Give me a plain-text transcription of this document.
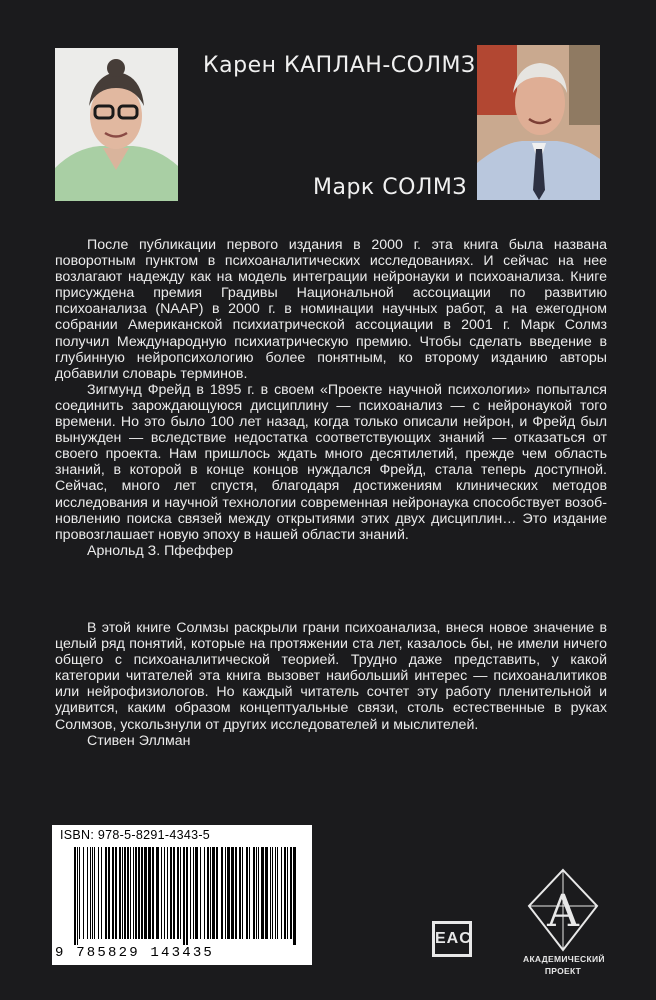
Карен КАПЛАН-СОЛМЗ
Марк СОЛМЗ

После публикации первого издания в 2000 г. эта книга была названа поворотным пунктом в психоаналитических исследованиях. И сейчас на нее возлагают надежду как на модель интеграции нейронауки и психоанализа. Книге присуждена премия Градивы Национальной ассоциации по развитию психоанализа (NAAP) в 2000 г. в номинации научных работ, а на ежегодном собрании Американской психиатрической ассоциации в 2001 г. Марк Солмз получил Международную психиатрическую премию. Чтобы сделать введение в глубинную нейропсихологию более понятным, ко второму изданию авторы добавили словарь терминов.

Зигмунд Фрейд в 1895 г. в своем «Проекте научной психологии» попытался соединить зарождающуюся дисциплину — психоанализ — с нейронаукой того времени. Но это было 100 лет назад, когда только описали нейрон, и Фрейд был вынужден — вследствие недостатка соответствующих знаний — отказаться от своего проекта. Нам пришлось ждать много десятилетий, прежде чем область знаний, в которой в конце концов нуждался Фрейд, стала теперь доступной. Сейчас, много лет спустя, благодаря достижениям клинических методов исследования и научной технологии современная нейронаука способствует возобновлению поиска связей между открытиями этих двух дисциплин… Это издание провозглашает новую эпоху в нашей области знаний.

Арнольд З. Пфеффер

В этой книге Солмзы раскрыли грани психоанализа, внеся новое значение в целый ряд понятий, которые на протяжении ста лет, казалось бы, не имели ничего общего с психоаналитической теорией. Трудно даже представить, у какой категории читателей эта книга вызовет наибольший интерес — психоаналитиков или нейрофизиологов. Но каждый читатель сочтет эту работу пленительной и удивится, каким образом концептуальные связи, столь естественные в руках Солмзов, ускользнули от других исследователей и мыслителей.

Стивен Эллман

ISBN: 978-5-8291-4343-5
9 785829 143435
EAC
А
АКАДЕМИЧЕСКИЙ
ПРОЕКТ
